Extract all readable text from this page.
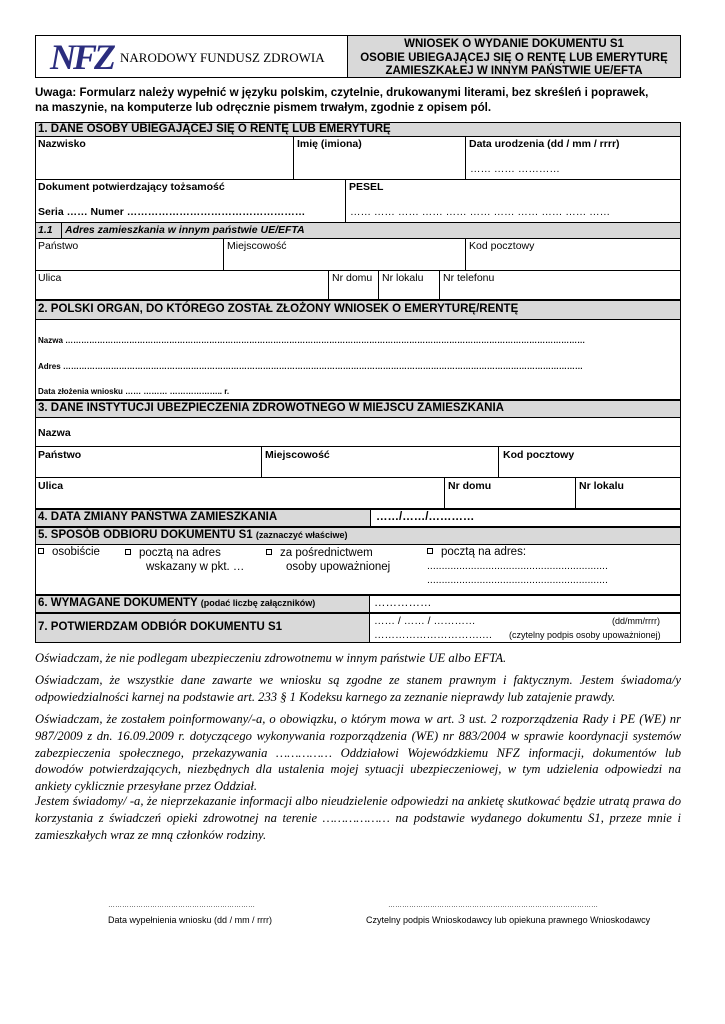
NFZ NARODOWY FUNDUSZ ZDROWIA
WNIOSEK O WYDANIE DOKUMENTU S1
OSOBIE UBIEGAJĄCEJ SIĘ O RENTĘ LUB EMERYTURĘ
ZAMIESZKAŁEJ W INNYM PAŃSTWIE UE/EFTA
Uwaga: Formularz należy wypełnić w języku polskim, czytelnie, drukowanymi literami, bez skreśleń i poprawek,
na maszynie, na komputerze lub odręcznie pismem trwałym, zgodnie z opisem pól.
1. DANE OSOBY UBIEGAJĄCEJ SIĘ O RENTĘ LUB EMERYTURĘ
Nazwisko	Imię (imiona)	Data urodzenia (dd / mm / rrrr)
…… …… …………
Dokument potwierdzający tożsamość
Seria …… Numer ……………………………………………
PESEL
…… …… …… …… …… …… …… …… …… …… ……
1.1 Adres zamieszkania w innym państwie UE/EFTA
Państwo	Miejscowość	Kod pocztowy
Ulica	Nr domu Nr lokalu Nr telefonu
2. POLSKI ORGAN, DO KTÓREGO ZOSTAŁ ZŁOŻONY WNIOSEK O EMERYTURĘ/RENTĘ
Nazwa ……………………………………………………………………………………………………………………………………………………………………………
Adres ……………………………………………………………………………………………………………………………………………………………………………
Data złożenia wniosku …… ……… ……………….. r.
3. DANE INSTYTUCJI UBEZPIECZENIA ZDROWOTNEGO W MIEJSCU ZAMIESZKANIA
Nazwa
Państwo	Miejscowość	Kod pocztowy
Ulica	Nr domu	Nr lokalu
4. DATA ZMIANY PAŃSTWA ZAMIESZKANIA	……/……/…………
5. SPOSÓB ODBIORU DOKUMENTU S1 (zaznaczyć właściwe)
osobiście	pocztą na adres
wskazany w pkt. …
za pośrednictwem
osoby upoważnionej
pocztą na adres:
..............................................................
..............................................................
6. WYMAGANE DOKUMENTY (podać liczbę załączników)	……………
7. POTWIERDZAM ODBIÓR DOKUMENTU S1	…… / …… / …………	(dd/mm/rrrr)
………………………….… (czytelny podpis osoby upoważnionej)
Oświadczam, że nie podlegam ubezpieczeniu zdrowotnemu w innym państwie UE albo EFTA.
Oświadczam, że wszystkie dane zawarte we wniosku są zgodne ze stanem prawnym i faktycznym. Jestem świadoma/y odpowiedzialności karnej na podstawie art. 233 § 1 Kodeksu karnego za zeznanie nieprawdy lub zatajenie prawdy.
Oświadczam, że zostałem poinformowany/-a, o obowiązku, o którym mowa w art. 3 ust. 2 rozporządzenia Rady i PE (WE) nr 987/2009 z dn. 16.09.2009 r. dotyczącego wykonywania rozporządzenia (WE) nr 883/2004 w sprawie koordynacji systemów zabezpieczenia społecznego, przekazywania …………… Oddziałowi Wojewódzkiemu NFZ informacji, dokumentów lub dowodów potwierdzających, niezbędnych dla ustalenia mojej sytuacji ubezpieczeniowej, w tym udzielenia odpowiedzi na ankiety cyklicznie przesyłane przez Oddział.
Jestem świadomy/ -a, że nieprzekazanie informacji albo nieudzielenie odpowiedzi na ankietę skutkować będzie utratą prawa do korzystania z świadczeń opieki zdrowotnej na terenie ……………… na podstawie wydanego dokumentu S1, przeze mnie i zamieszkałych wraz ze mną członków rodziny.
………………………………………………………
Data wypełnienia wniosku (dd / mm / rrrr)
………………………………………………………………………………
Czytelny podpis Wnioskodawcy lub opiekuna prawnego Wnioskodawcy
